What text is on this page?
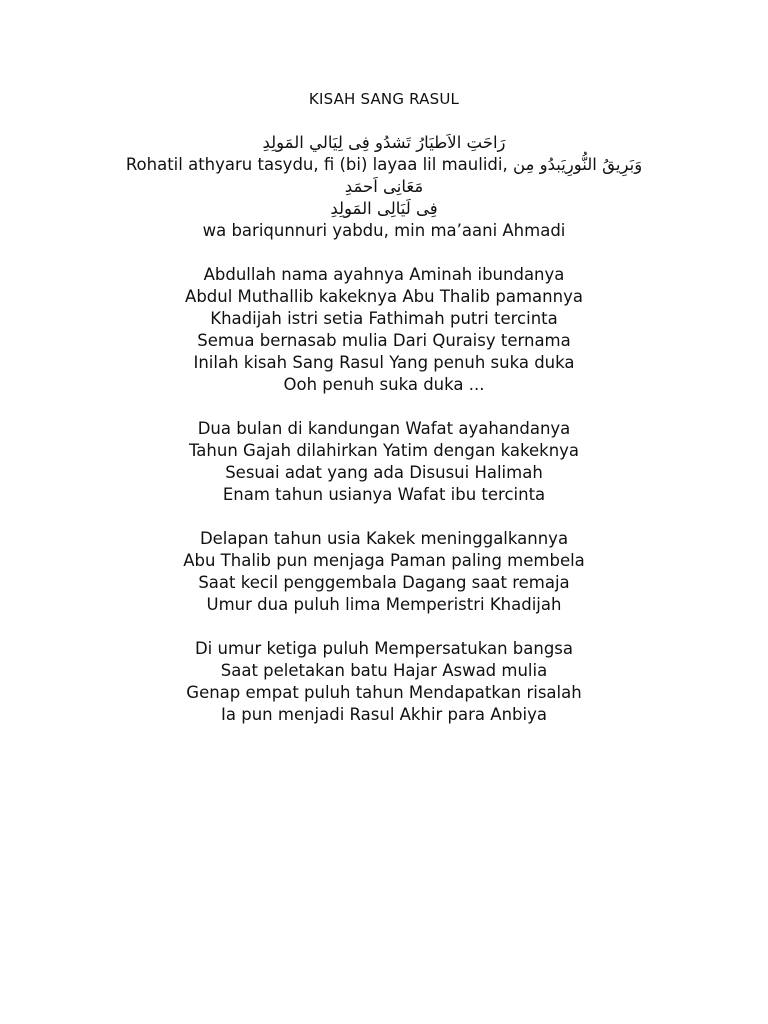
KISAH SANG RASUL
رَاحَتِ الاَطيَارُ تَشدُو فِى لِيَالي المَولِدِ
Rohatil athyaru tasydu, fi (bi) layaa lil maulidi, وَبَرِيقُ النُّورِيَبدُو مِن
مَعَانِى اَحمَدِ
فِى لَيَالِى المَولِدِ
wa bariqunnuri yabdu, min ma’aani Ahmadi
Abdullah nama ayahnya Aminah ibundanya
Abdul Muthallib kakeknya Abu Thalib pamannya
Khadijah istri setia Fathimah putri tercinta
Semua bernasab mulia Dari Quraisy ternama
Inilah kisah Sang Rasul Yang penuh suka duka
Ooh penuh suka duka ...
Dua bulan di kandungan Wafat ayahandanya
Tahun Gajah dilahirkan Yatim dengan kakeknya
Sesuai adat yang ada Disusui Halimah
Enam tahun usianya Wafat ibu tercinta
Delapan tahun usia Kakek meninggalkannya
Abu Thalib pun menjaga Paman paling membela
Saat kecil penggembala Dagang saat remaja
Umur dua puluh lima Memperistri Khadijah
Di umur ketiga puluh Mempersatukan bangsa
Saat peletakan batu Hajar Aswad mulia
Genap empat puluh tahun Mendapatkan risalah
Ia pun menjadi Rasul Akhir para Anbiya
